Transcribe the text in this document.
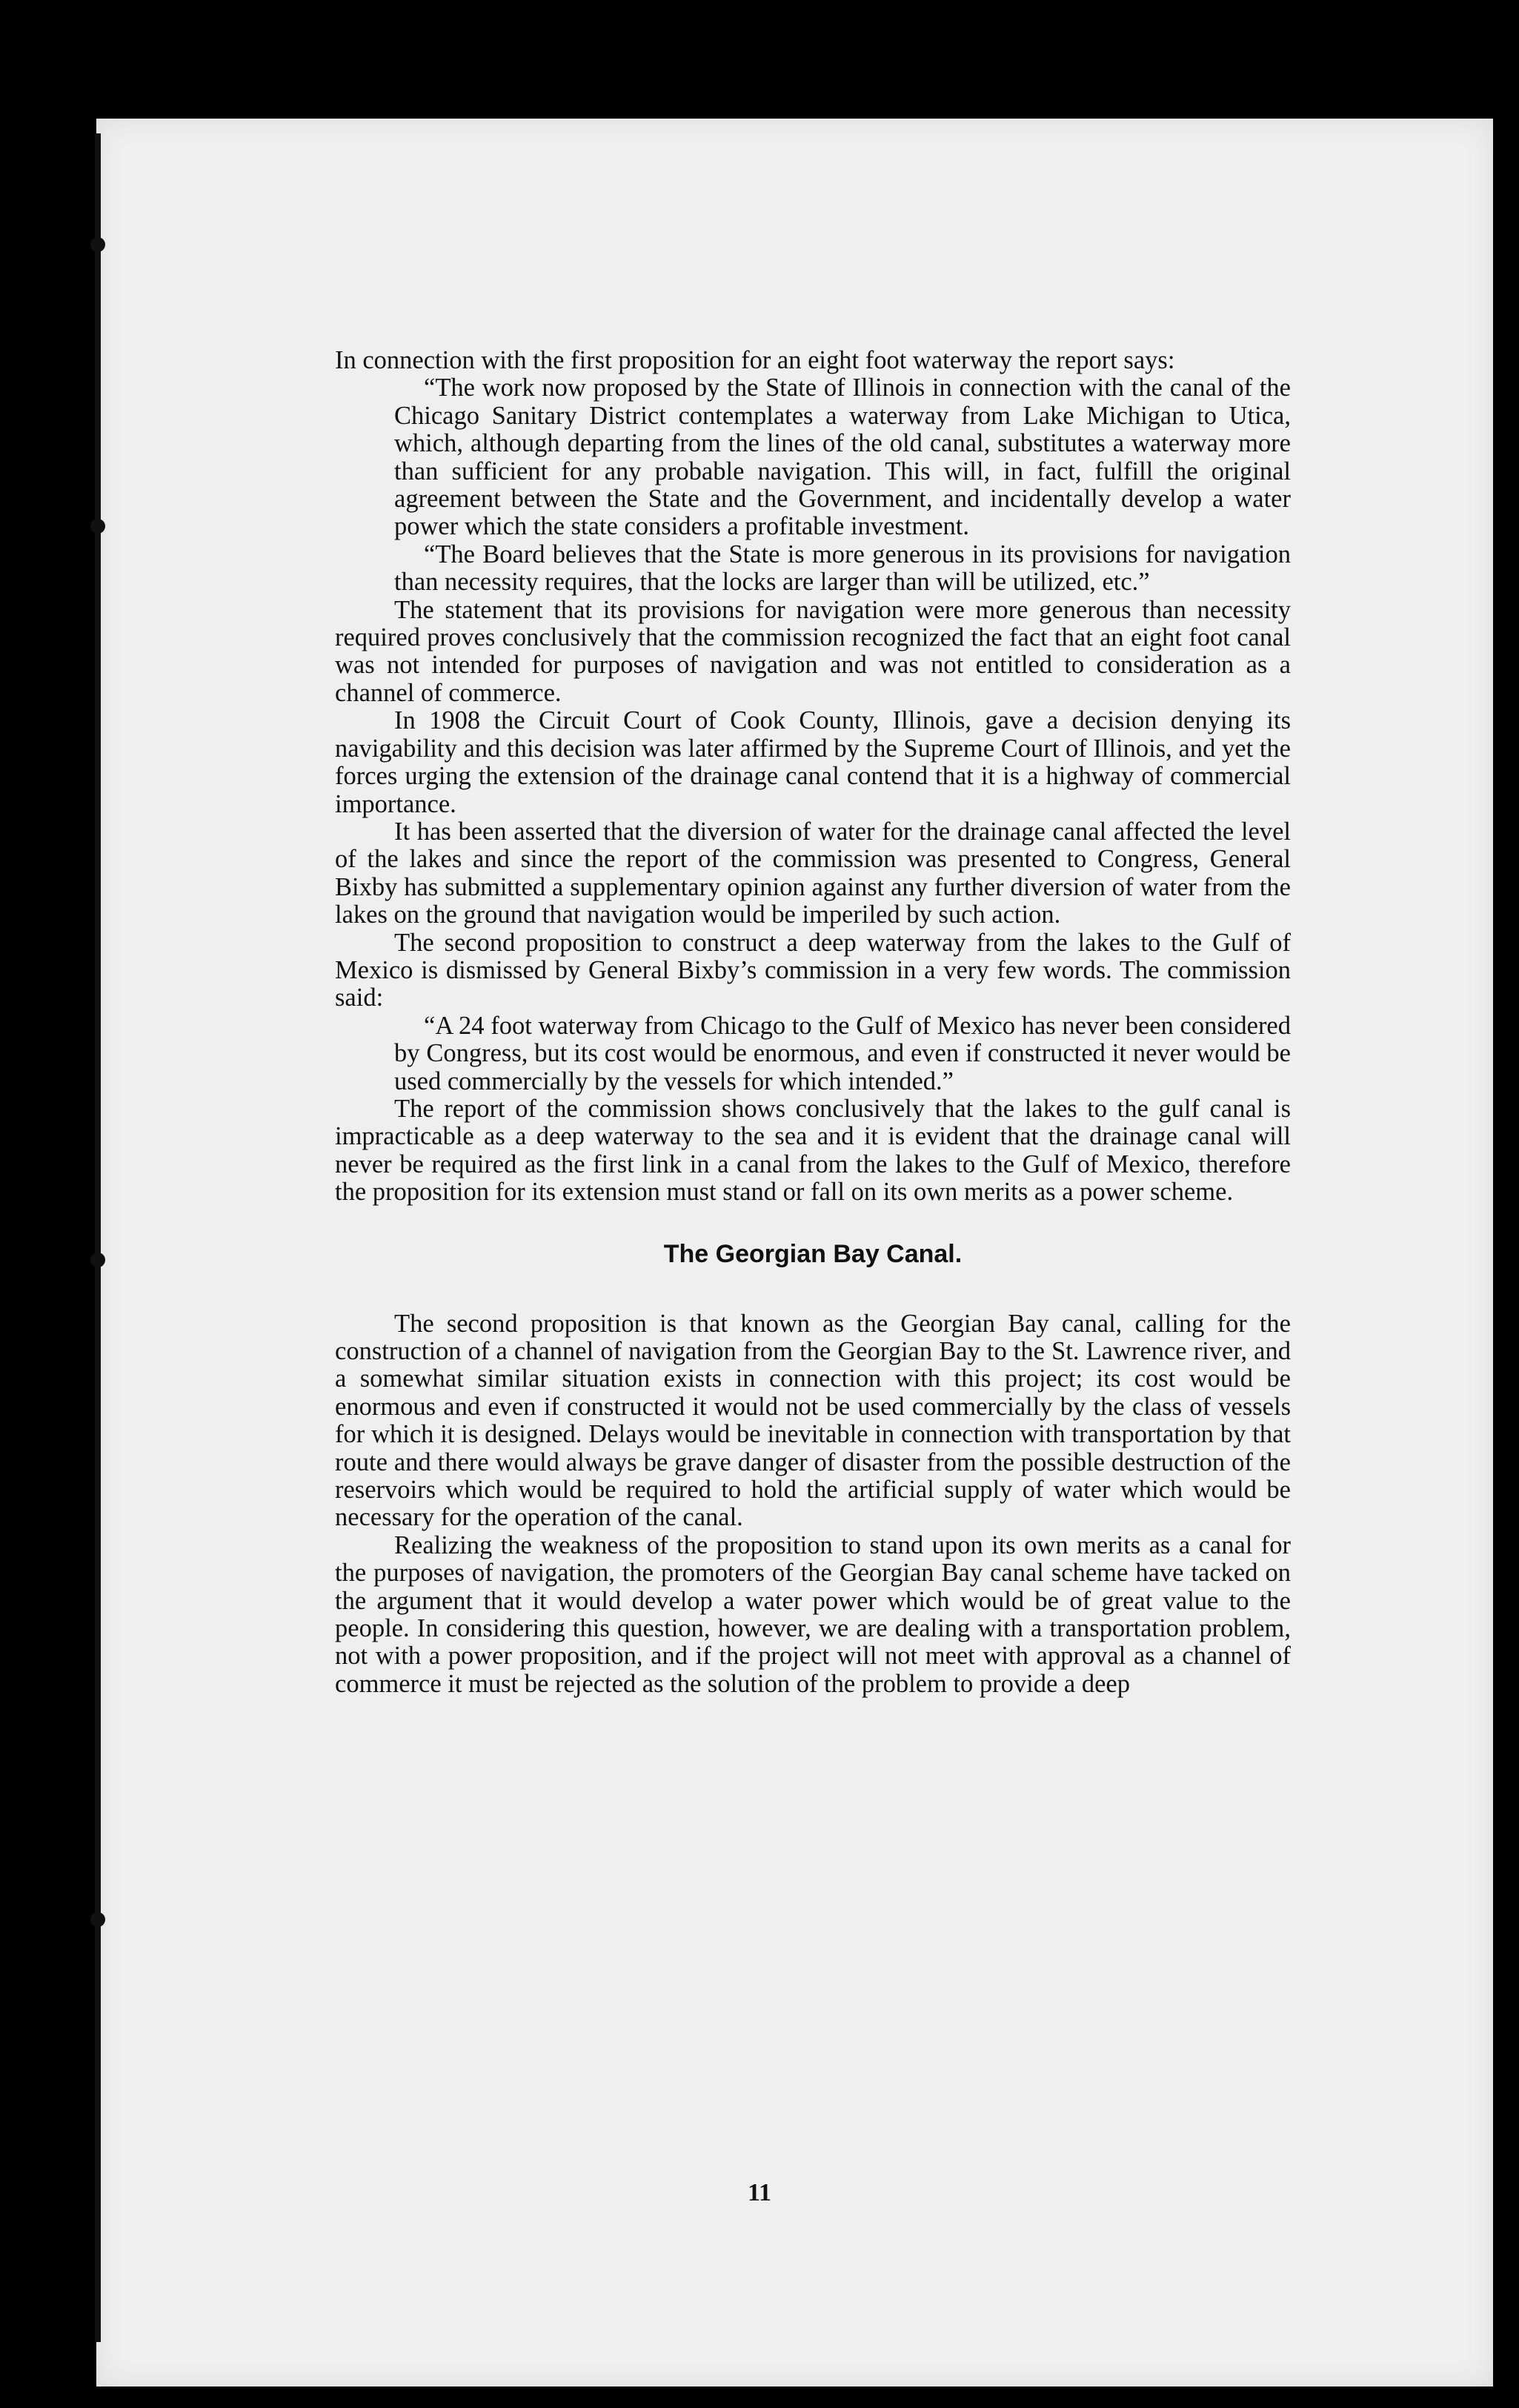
In connection with the first proposition for an eight foot waterway the report says:

“The work now proposed by the State of Illinois in connection with the canal of the Chicago Sanitary District contemplates a waterway from Lake Michigan to Utica, which, although departing from the lines of the old canal, substitutes a waterway more than sufficient for any probable navigation. This will, in fact, fulfill the original agreement between the State and the Government, and incidentally develop a water power which the state considers a profitable investment.

“The Board believes that the State is more generous in its provisions for navigation than necessity requires, that the locks are larger than will be utilized, etc.”

The statement that its provisions for navigation were more generous than necessity required proves conclusively that the commission recognized the fact that an eight foot canal was not intended for purposes of navigation and was not entitled to consideration as a channel of commerce.

In 1908 the Circuit Court of Cook County, Illinois, gave a decision denying its navigability and this decision was later affirmed by the Supreme Court of Illinois, and yet the forces urging the extension of the drainage canal contend that it is a highway of commercial importance.

It has been asserted that the diversion of water for the drainage canal affected the level of the lakes and since the report of the commission was presented to Congress, General Bixby has submitted a supplementary opinion against any further diversion of water from the lakes on the ground that navigation would be imperiled by such action.

The second proposition to construct a deep waterway from the lakes to the Gulf of Mexico is dismissed by General Bixby’s commission in a very few words. The commission said:

“A 24 foot waterway from Chicago to the Gulf of Mexico has never been considered by Congress, but its cost would be enormous, and even if constructed it never would be used commercially by the vessels for which intended.”

The report of the commission shows conclusively that the lakes to the gulf canal is impracticable as a deep waterway to the sea and it is evident that the drainage canal will never be required as the first link in a canal from the lakes to the Gulf of Mexico, therefore the proposition for its extension must stand or fall on its own merits as a power scheme.

The Georgian Bay Canal.

The second proposition is that known as the Georgian Bay canal, calling for the construction of a channel of navigation from the Georgian Bay to the St. Lawrence river, and a somewhat similar situation exists in connection with this project; its cost would be enormous and even if constructed it would not be used commercially by the class of vessels for which it is designed. Delays would be inevitable in connection with transportation by that route and there would always be grave danger of disaster from the possible destruction of the reservoirs which would be required to hold the artificial supply of water which would be necessary for the operation of the canal.

Realizing the weakness of the proposition to stand upon its own merits as a canal for the purposes of navigation, the promoters of the Georgian Bay canal scheme have tacked on the argument that it would develop a water power which would be of great value to the people. In considering this question, however, we are dealing with a transportation problem, not with a power proposition, and if the project will not meet with approval as a channel of commerce it must be rejected as the solution of the problem to provide a deep

11
